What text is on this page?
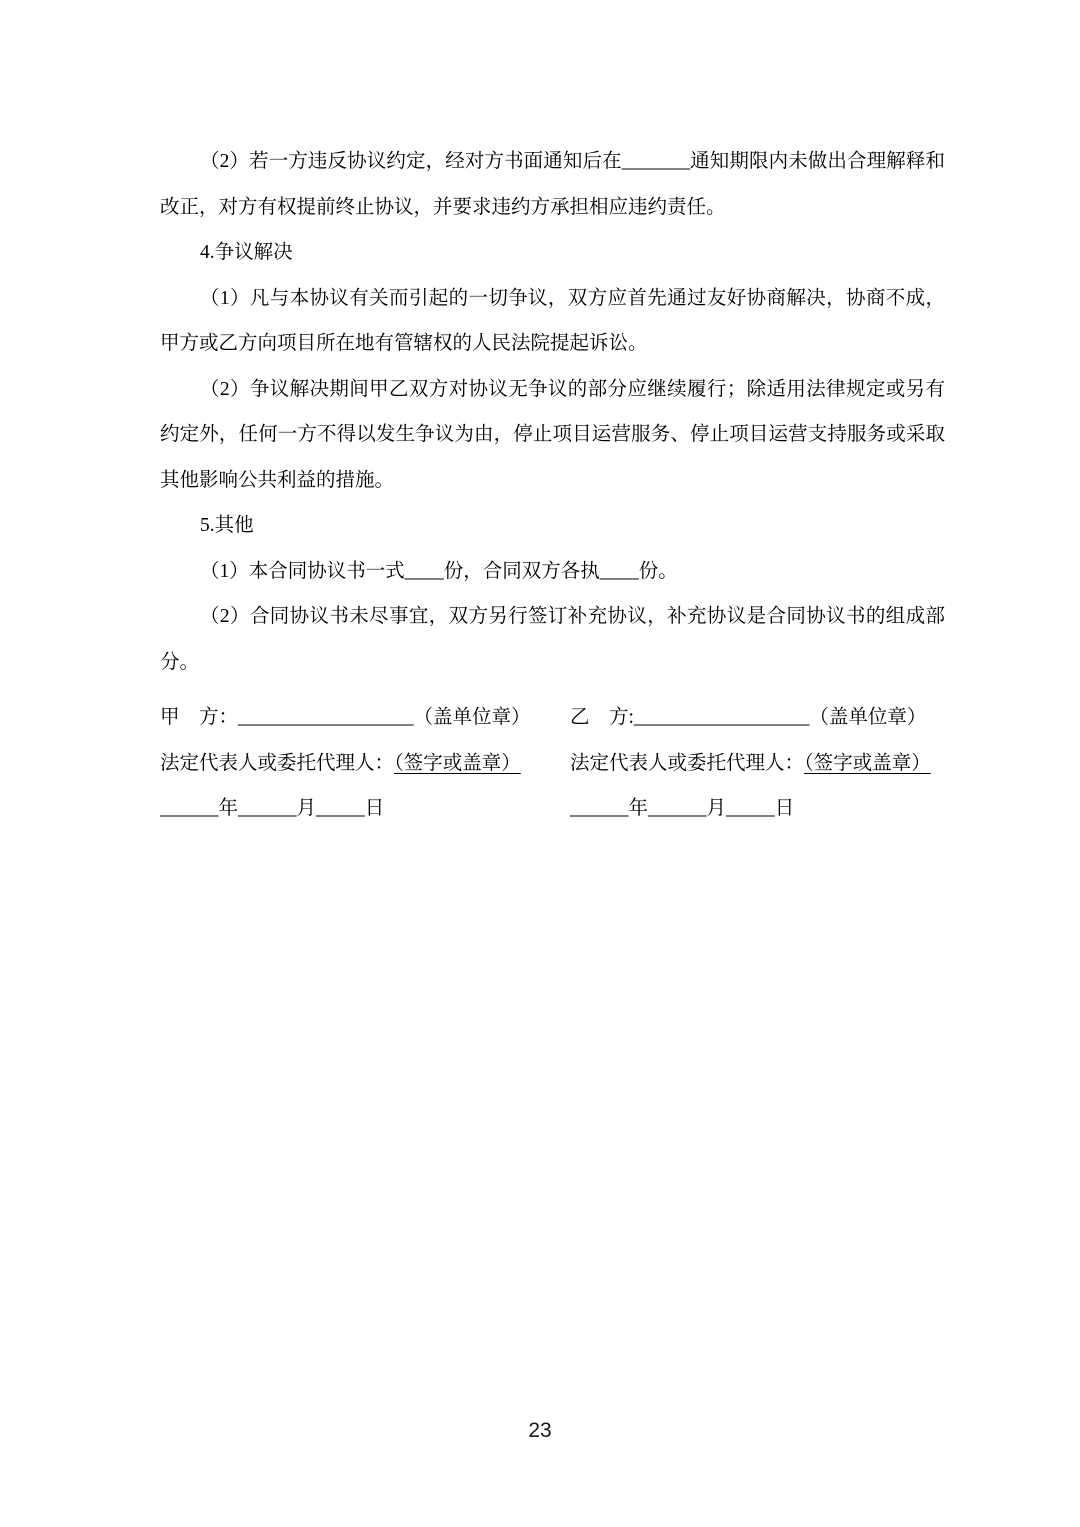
（2）若一方违反协议约定，经对方书面通知后在_______通知期限内未做出合理解释和改正，对方有权提前终止协议，并要求违约方承担相应违约责任。

4.争议解决

（1）凡与本协议有关而引起的一切争议，双方应首先通过友好协商解决，协商不成，甲方或乙方向项目所在地有管辖权的人民法院提起诉讼。

（2）争议解决期间甲乙双方对协议无争议的部分应继续履行；除适用法律规定或另有约定外，任何一方不得以发生争议为由，停止项目运营服务、停止项目运营支持服务或采取其他影响公共利益的措施。

5.其他

（1）本合同协议书一式____份，合同双方各执____份。

（2）合同协议书未尽事宜，双方另行签订补充协议，补充协议是合同协议书的组成部分。

甲　方：__________________（盖单位章）

法定代表人或委托代理人：（签字或盖章）

______年______月_____日

乙　方:__________________（盖单位章）

法定代表人或委托代理人：（签字或盖章）

______年______月_____日

23
